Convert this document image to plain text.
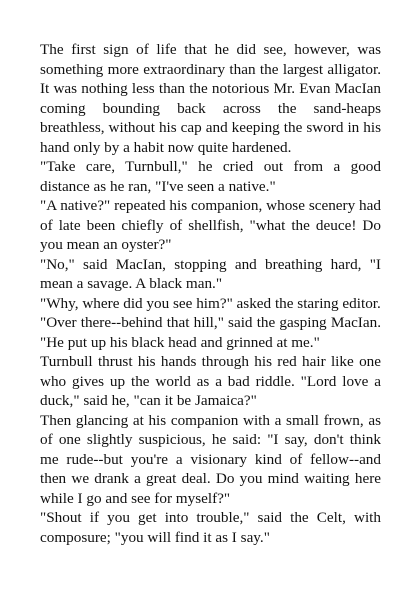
The first sign of life that he did see, however, was something more extraordinary than the largest alligator. It was nothing less than the notorious Mr. Evan MacIan coming bounding back across the sand-heaps breathless, without his cap and keeping the sword in his hand only by a habit now quite hardened.

"Take care, Turnbull," he cried out from a good distance as he ran, "I've seen a native."

"A native?" repeated his companion, whose scenery had of late been chiefly of shellfish, "what the deuce! Do you mean an oyster?"

"No," said MacIan, stopping and breathing hard, "I mean a savage. A black man."

"Why, where did you see him?" asked the staring editor.

"Over there--behind that hill," said the gasping MacIan. "He put up his black head and grinned at me."

Turnbull thrust his hands through his red hair like one who gives up the world as a bad riddle. "Lord love a duck," said he, "can it be Jamaica?"

Then glancing at his companion with a small frown, as of one slightly suspicious, he said: "I say, don't think me rude--but you're a visionary kind of fellow--and then we drank a great deal. Do you mind waiting here while I go and see for myself?"

"Shout if you get into trouble," said the Celt, with composure; "you will find it as I say."
